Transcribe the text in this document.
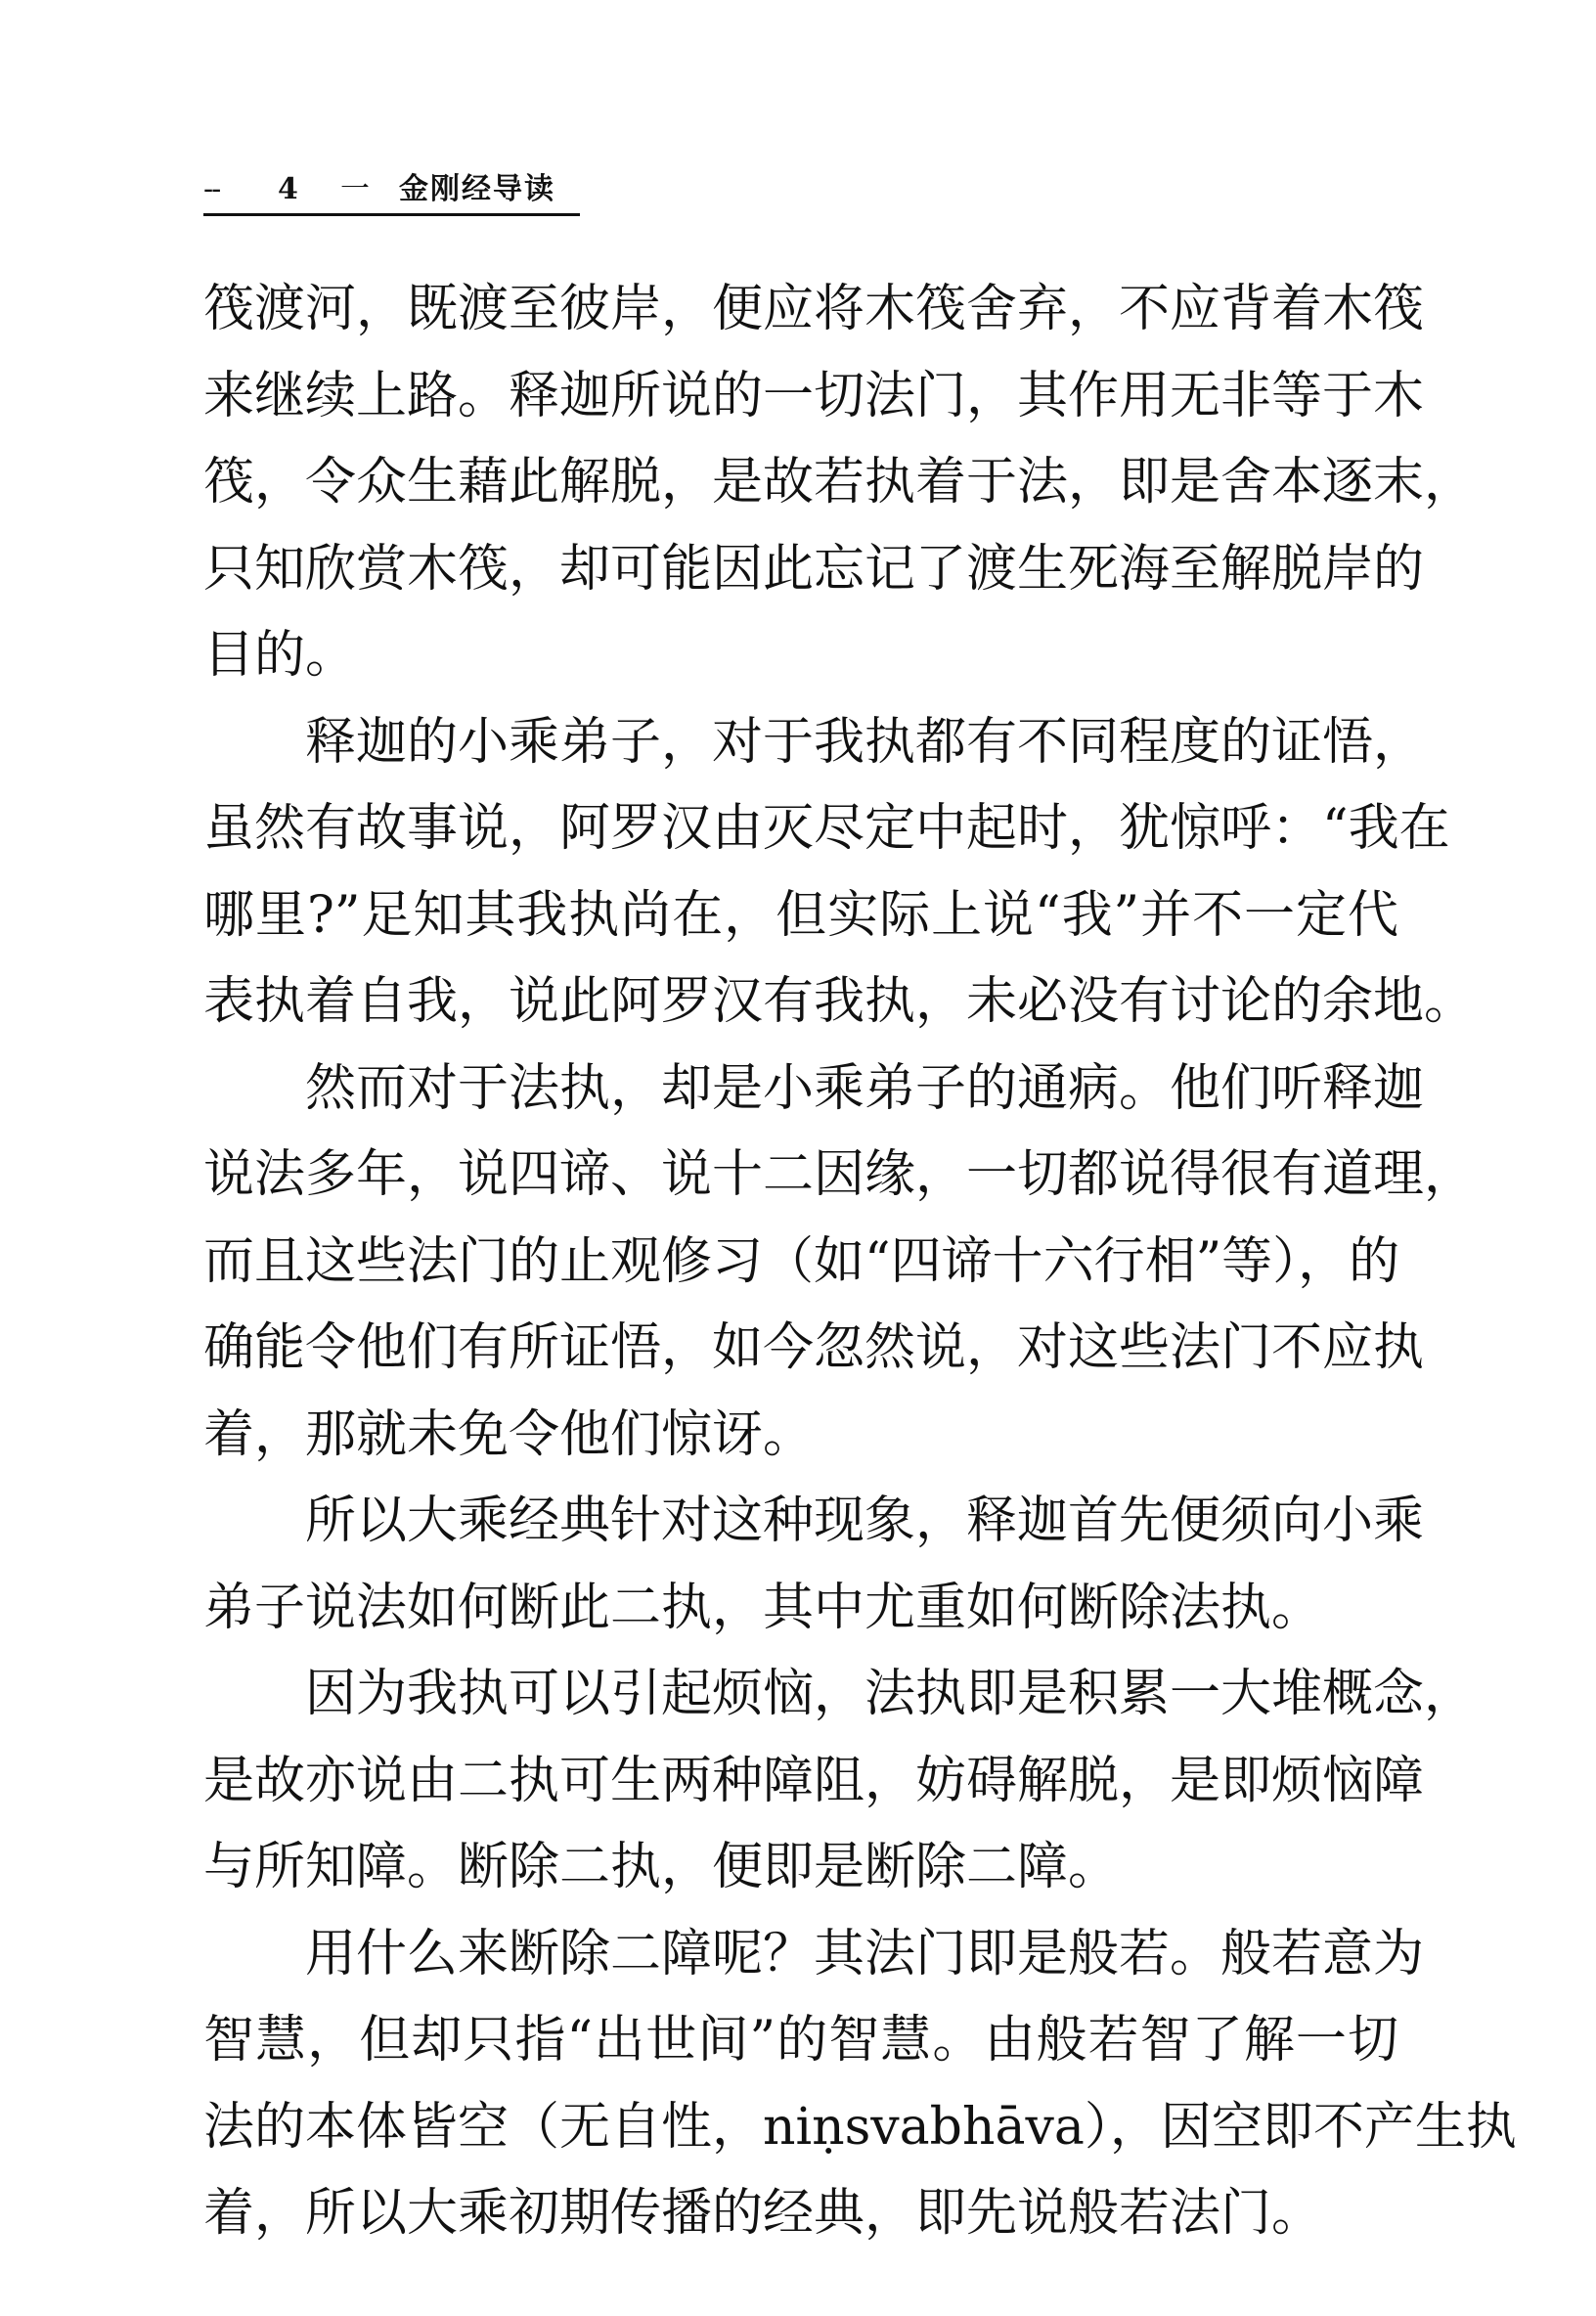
-- 4 一 金刚经导读
筏渡河，既渡至彼岸，便应将木筏舍弃，不应背着木筏
来继续上路。释迦所说的一切法门，其作用无非等于木
筏，令众生藉此解脱，是故若执着于法，即是舍本逐末，
只知欣赏木筏，却可能因此忘记了渡生死海至解脱岸的
目的。
释迦的小乘弟子，对于我执都有不同程度的证悟，
虽然有故事说，阿罗汉由灭尽定中起时，犹惊呼：“我在
哪里?”足知其我执尚在，但实际上说“我”并不一定代
表执着自我，说此阿罗汉有我执，未必没有讨论的余地。
然而对于法执，却是小乘弟子的通病。他们听释迦
说法多年，说四谛、说十二因缘，一切都说得很有道理，
而且这些法门的止观修习（如“四谛十六行相”等），的
确能令他们有所证悟，如今忽然说，对这些法门不应执
着，那就未免令他们惊讶。
所以大乘经典针对这种现象，释迦首先便须向小乘
弟子说法如何断此二执，其中尤重如何断除法执。
因为我执可以引起烦恼，法执即是积累一大堆概念，
是故亦说由二执可生两种障阻，妨碍解脱，是即烦恼障
与所知障。断除二执，便即是断除二障。
用什么来断除二障呢？其法门即是般若。般若意为
智慧，但却只指“出世间”的智慧。由般若智了解一切
法的本体皆空（无自性，niṇsvabhāva），因空即不产生执
着，所以大乘初期传播的经典，即先说般若法门。
